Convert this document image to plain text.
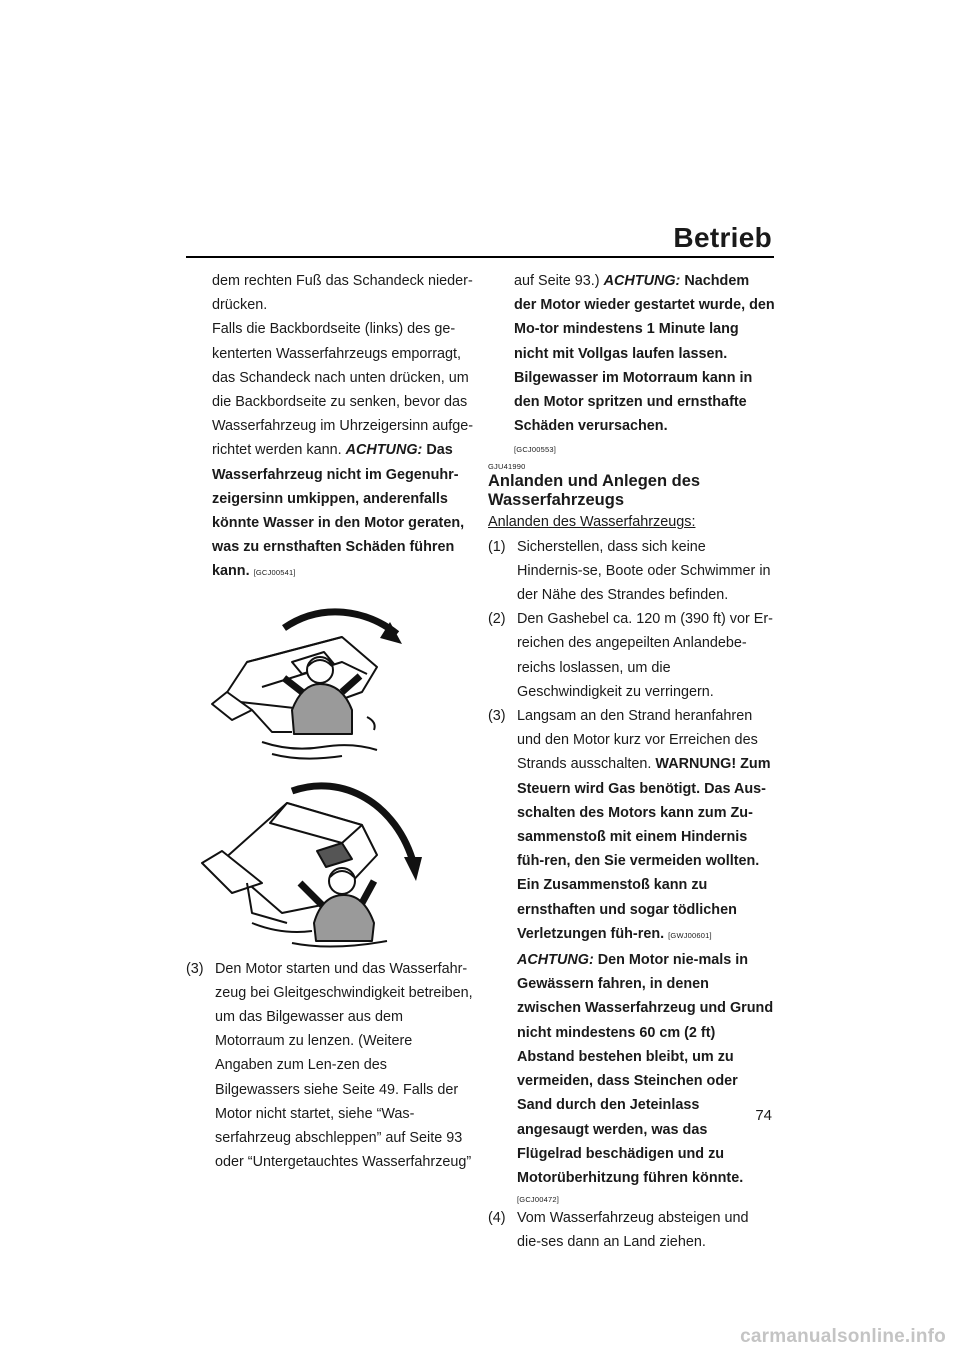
Betrieb

dem rechten Fuß das Schandeck nieder-drücken.

Falls die Backbordseite (links) des ge-kenterten Wasserfahrzeugs emporragt, das Schandeck nach unten drücken, um die Backbordseite zu senken, bevor das Wasserfahrzeug im Uhrzeigersinn aufge-richtet werden kann. ACHTUNG: Das Wasserfahrzeug nicht im Gegenuhr-zeigersinn umkippen, anderenfalls könnte Wasser in den Motor geraten, was zu ernsthaften Schäden führen kann. [GCJ00541]

(3) Den Motor starten und das Wasserfahr-zeug bei Gleitgeschwindigkeit betreiben, um das Bilgewasser aus dem Motorraum zu lenzen. (Weitere Angaben zum Len-zen des Bilgewassers siehe Seite 49. Falls der Motor nicht startet, siehe “Was-serfahrzeug abschleppen” auf Seite 93 oder “Untergetauchtes Wasserfahrzeug”

auf Seite 93.) ACHTUNG: Nachdem der Motor wieder gestartet wurde, den Mo-tor mindestens 1 Minute lang nicht mit Vollgas laufen lassen. Bilgewasser im Motorraum kann in den Motor spritzen und ernsthafte Schäden verursachen.

[GCJ00553]
GJU41990
Anlanden und Anlegen des Wasserfahrzeugs
Anlanden des Wasserfahrzeugs:
(1) Sicherstellen, dass sich keine Hindernis-se, Boote oder Schwimmer in der Nähe des Strandes befinden.
(2) Den Gashebel ca. 120 m (390 ft) vor Er-reichen des angepeilten Anlandebe-reichs loslassen, um die Geschwindigkeit zu verringern.
(3) Langsam an den Strand heranfahren und den Motor kurz vor Erreichen des Strands ausschalten. WARNUNG! Zum Steuern wird Gas benötigt. Das Aus-schalten des Motors kann zum Zu-sammenstoß mit einem Hindernis füh-ren, den Sie vermeiden wollten. Ein Zusammenstoß kann zu ernsthaften und sogar tödlichen Verletzungen füh-ren. [GWJ00601] ACHTUNG: Den Motor nie-mals in Gewässern fahren, in denen zwischen Wasserfahrzeug und Grund nicht mindestens 60 cm (2 ft) Abstand bestehen bleibt, um zu vermeiden, dass Steinchen oder Sand durch den Jeteinlass angesaugt werden, was das Flügelrad beschädigen und zu Motorüberhitzung führen könnte.
[GCJ00472]
(4) Vom Wasserfahrzeug absteigen und die-ses dann an Land ziehen.
74
carmanualsonline.info
